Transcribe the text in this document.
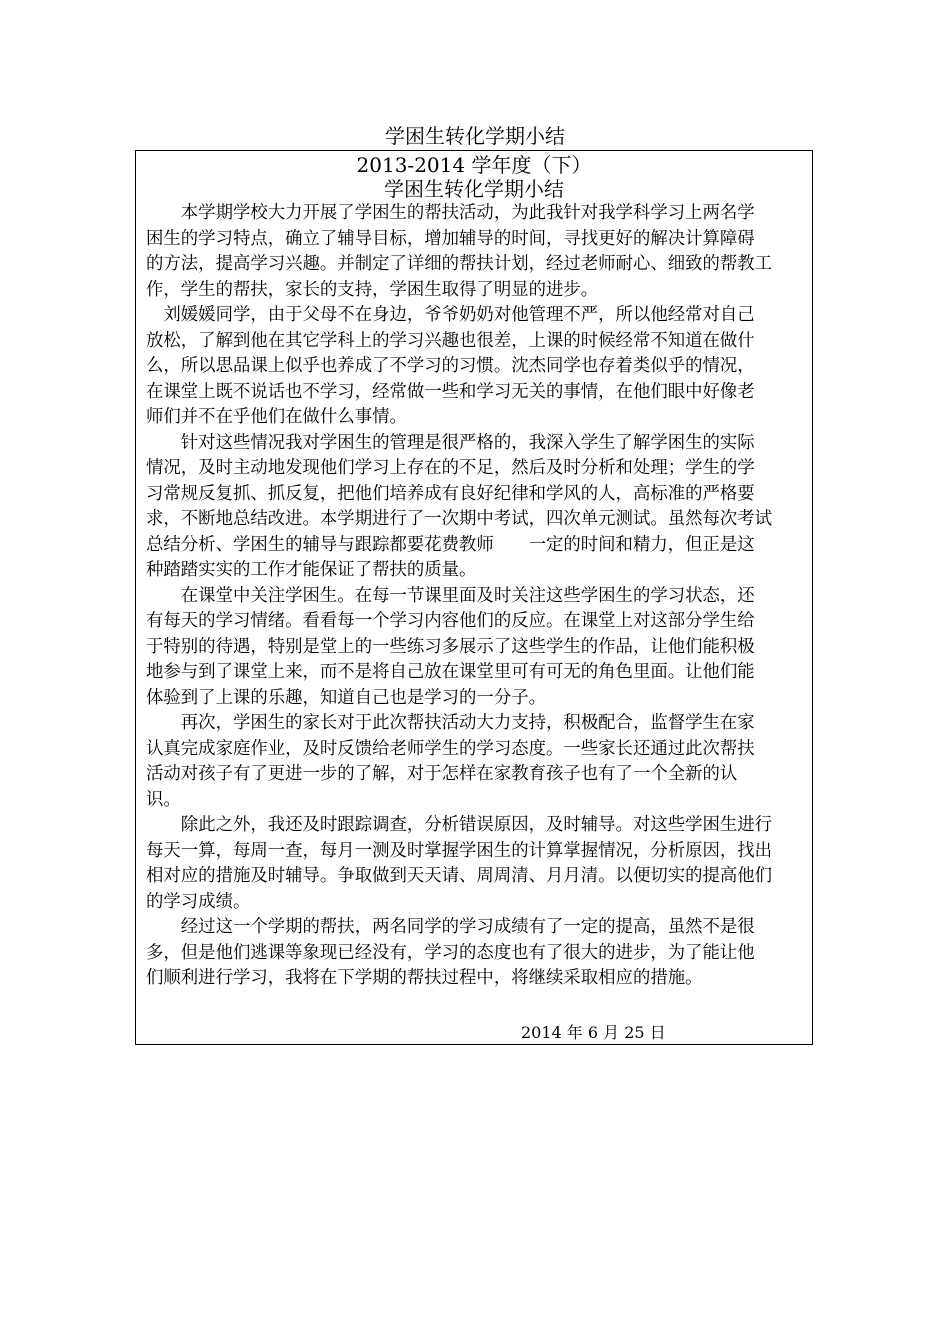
学困生转化学期小结
2013-2014 学年度（下）
学困生转化学期小结
　　本学期学校大力开展了学困生的帮扶活动，为此我针对我学科学习上两名学
困生的学习特点，确立了辅导目标，增加辅导的时间，寻找更好的解决计算障碍
的方法，提高学习兴趣。并制定了详细的帮扶计划，经过老师耐心、细致的帮教工
作，学生的帮扶，家长的支持，学困生取得了明显的进步。
　刘媛媛同学，由于父母不在身边，爷爷奶奶对他管理不严，所以他经常对自己
放松，了解到他在其它学科上的学习兴趣也很差，上课的时候经常不知道在做什
么，所以思品课上似乎也养成了不学习的习惯。沈杰同学也存着类似乎的情况，
在课堂上既不说话也不学习，经常做一些和学习无关的事情，在他们眼中好像老
师们并不在乎他们在做什么事情。
　　针对这些情况我对学困生的管理是很严格的，我深入学生了解学困生的实际
情况，及时主动地发现他们学习上存在的不足，然后及时分析和处理；学生的学
习常规反复抓、抓反复，把他们培养成有良好纪律和学风的人，高标准的严格要
求，不断地总结改进。本学期进行了一次期中考试，四次单元测试。虽然每次考试
总结分析、学困生的辅导与跟踪都要花费教师　　一定的时间和精力，但正是这
种踏踏实实的工作才能保证了帮扶的质量。
　　在课堂中关注学困生。在每一节课里面及时关注这些学困生的学习状态，还
有每天的学习情绪。看看每一个学习内容他们的反应。在课堂上对这部分学生给
于特别的待遇，特别是堂上的一些练习多展示了这些学生的作品，让他们能积极
地参与到了课堂上来，而不是将自己放在课堂里可有可无的角色里面。让他们能
体验到了上课的乐趣，知道自己也是学习的一分子。
　　再次，学困生的家长对于此次帮扶活动大力支持，积极配合，监督学生在家
认真完成家庭作业，及时反馈给老师学生的学习态度。一些家长还通过此次帮扶
活动对孩子有了更进一步的了解，对于怎样在家教育孩子也有了一个全新的认
识。
　　除此之外，我还及时跟踪调查，分析错误原因，及时辅导。对这些学困生进行
每天一算，每周一查，每月一测及时掌握学困生的计算掌握情况，分析原因，找出
相对应的措施及时辅导。争取做到天天请、周周清、月月清。以便切实的提高他们
的学习成绩。
　　经过这一个学期的帮扶，两名同学的学习成绩有了一定的提高，虽然不是很
多，但是他们逃课等象现已经没有，学习的态度也有了很大的进步，为了能让他
们顺利进行学习，我将在下学期的帮扶过程中，将继续采取相应的措施。
2014 年 6 月 25 日
